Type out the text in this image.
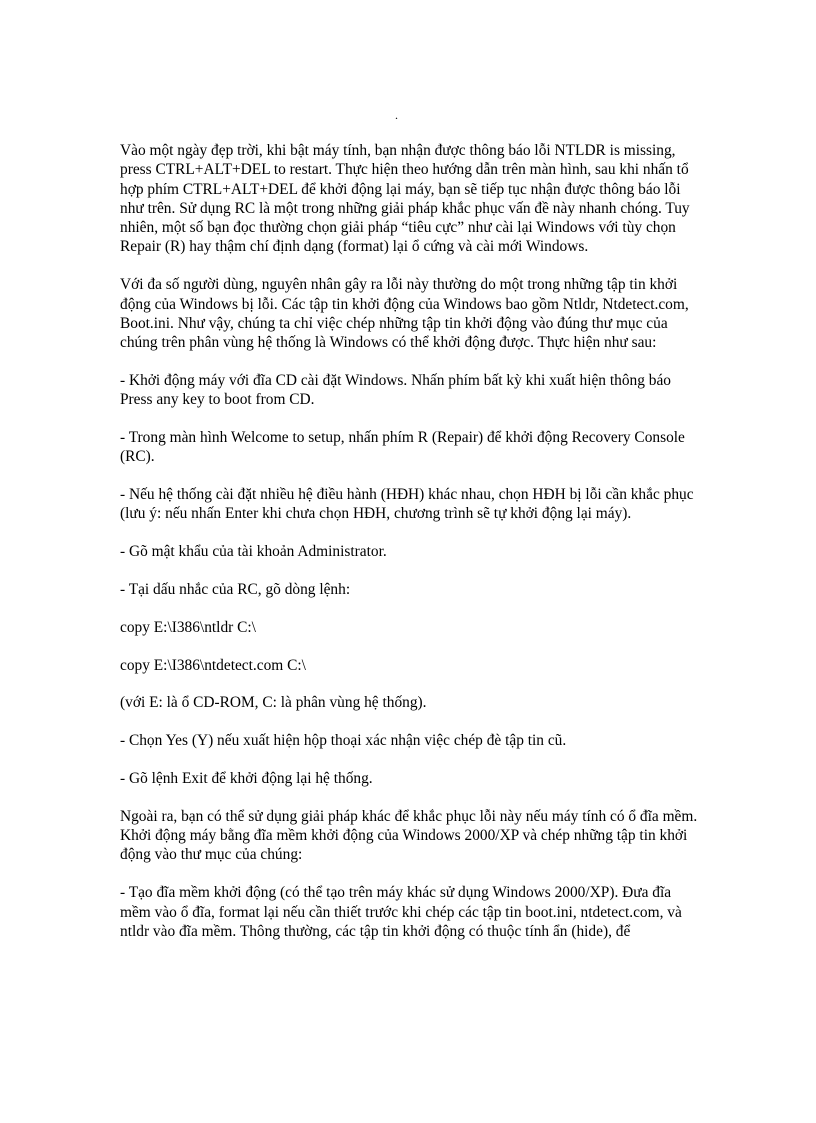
.

Vào một ngày đẹp trời, khi bật máy tính, bạn nhận được thông báo lỗi NTLDR is missing, press CTRL+ALT+DEL to restart. Thực hiện theo hướng dẫn trên màn hình, sau khi nhấn tổ hợp phím CTRL+ALT+DEL để khởi động lại máy, bạn sẽ tiếp tục nhận được thông báo lỗi như trên. Sử dụng RC là một trong những giải pháp khắc phục vấn đề này nhanh chóng. Tuy nhiên, một số bạn đọc thường chọn giải pháp “tiêu cực” như cài lại Windows với tùy chọn Repair (R) hay thậm chí định dạng (format) lại ổ cứng và cài mới Windows.

Với đa số người dùng, nguyên nhân gây ra lỗi này thường do một trong những tập tin khởi động của Windows bị lỗi. Các tập tin khởi động của Windows bao gồm Ntldr, Ntdetect.com, Boot.ini. Như vậy, chúng ta chỉ việc chép những tập tin khởi động vào đúng thư mục của chúng trên phân vùng hệ thống là Windows có thể khởi động được. Thực hiện như sau:

- Khởi động máy với đĩa CD cài đặt Windows. Nhấn phím bất kỳ khi xuất hiện thông báo Press any key to boot from CD.

- Trong màn hình Welcome to setup, nhấn phím R (Repair) để khởi động Recovery Console (RC).

- Nếu hệ thống cài đặt nhiều hệ điều hành (HĐH) khác nhau, chọn HĐH bị lỗi cần khắc phục (lưu ý: nếu nhấn Enter khi chưa chọn HĐH, chương trình sẽ tự khởi động lại máy).

- Gõ mật khẩu của tài khoản Administrator.

- Tại dấu nhắc của RC, gõ dòng lệnh:

copy E:\I386\ntldr C:\

copy E:\I386\ntdetect.com C:\

(với E: là ổ CD-ROM, C: là phân vùng hệ thống).

- Chọn Yes (Y) nếu xuất hiện hộp thoại xác nhận việc chép đè tập tin cũ.

- Gõ lệnh Exit để khởi động lại hệ thống.

Ngoài ra, bạn có thể sử dụng giải pháp khác để khắc phục lỗi này nếu máy tính có ổ đĩa mềm. Khởi động máy bằng đĩa mềm khởi động của Windows 2000/XP và chép những tập tin khởi động vào thư mục của chúng:

- Tạo đĩa mềm khởi động (có thể tạo trên máy khác sử dụng Windows 2000/XP). Đưa đĩa mềm vào ổ đĩa, format lại nếu cần thiết trước khi chép các tập tin boot.ini, ntdetect.com, và ntldr vào đĩa mềm. Thông thường, các tập tin khởi động có thuộc tính ẩn (hide), để
